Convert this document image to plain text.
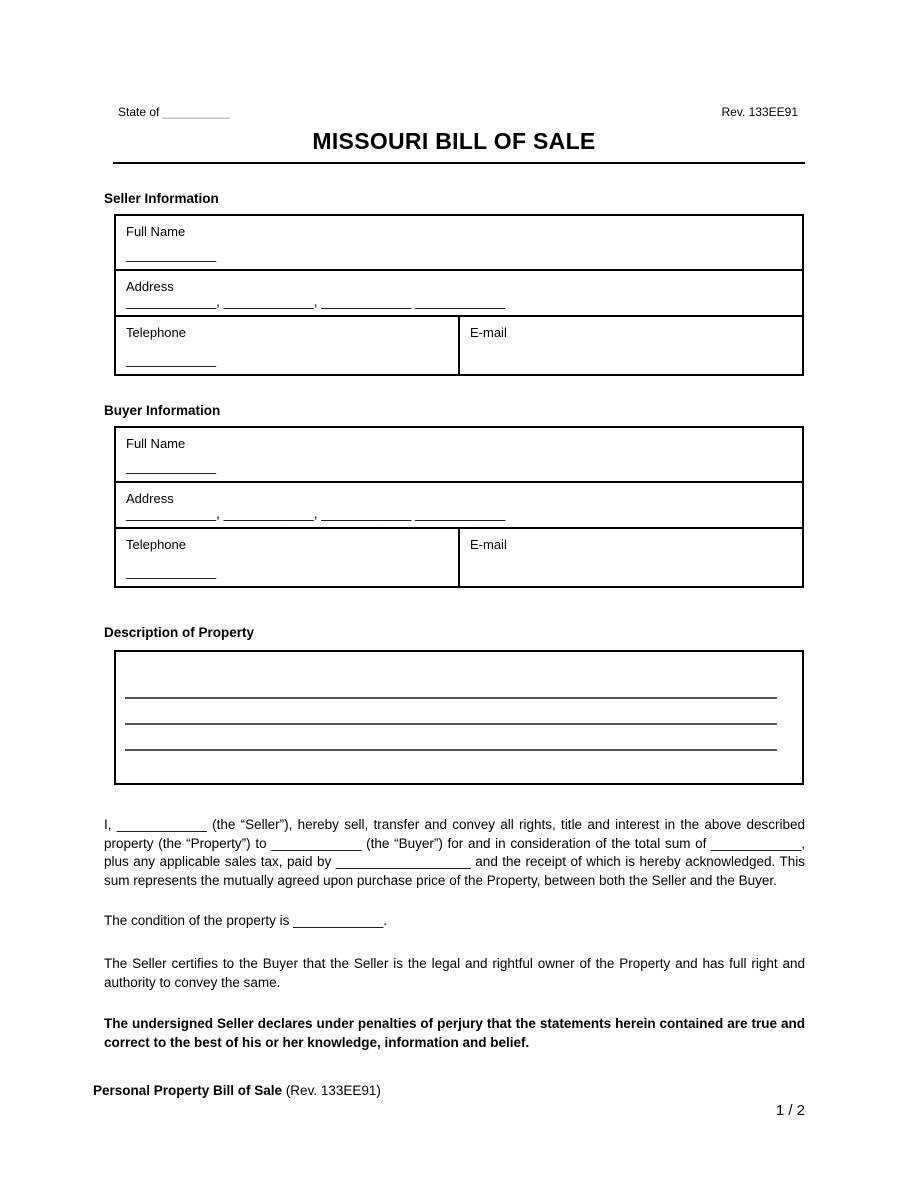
State of __________	Rev. 133EE91
MISSOURI BILL OF SALE
Seller Information
Full Name
____________

Address
____________, ____________, ____________ ____________

Telephone
____________

E-mail
Buyer Information
Full Name
____________

Address
____________, ____________, ____________ ____________

Telephone
____________

E-mail
Description of Property
I, ____________ (the “Seller”), hereby sell, transfer and convey all rights, title and interest in the above described property (the “Property”) to ____________ (the “Buyer”) for and in consideration of the total sum of ____________, plus any applicable sales tax, paid by __________________ and the receipt of which is hereby acknowledged. This sum represents the mutually agreed upon purchase price of the Property, between both the Seller and the Buyer.
The condition of the property is ____________.
The Seller certifies to the Buyer that the Seller is the legal and rightful owner of the Property and has full right and authority to convey the same.
The undersigned Seller declares under penalties of perjury that the statements herein contained are true and correct to the best of his or her knowledge, information and belief.
Personal Property Bill of Sale (Rev. 133EE91)
1 / 2
